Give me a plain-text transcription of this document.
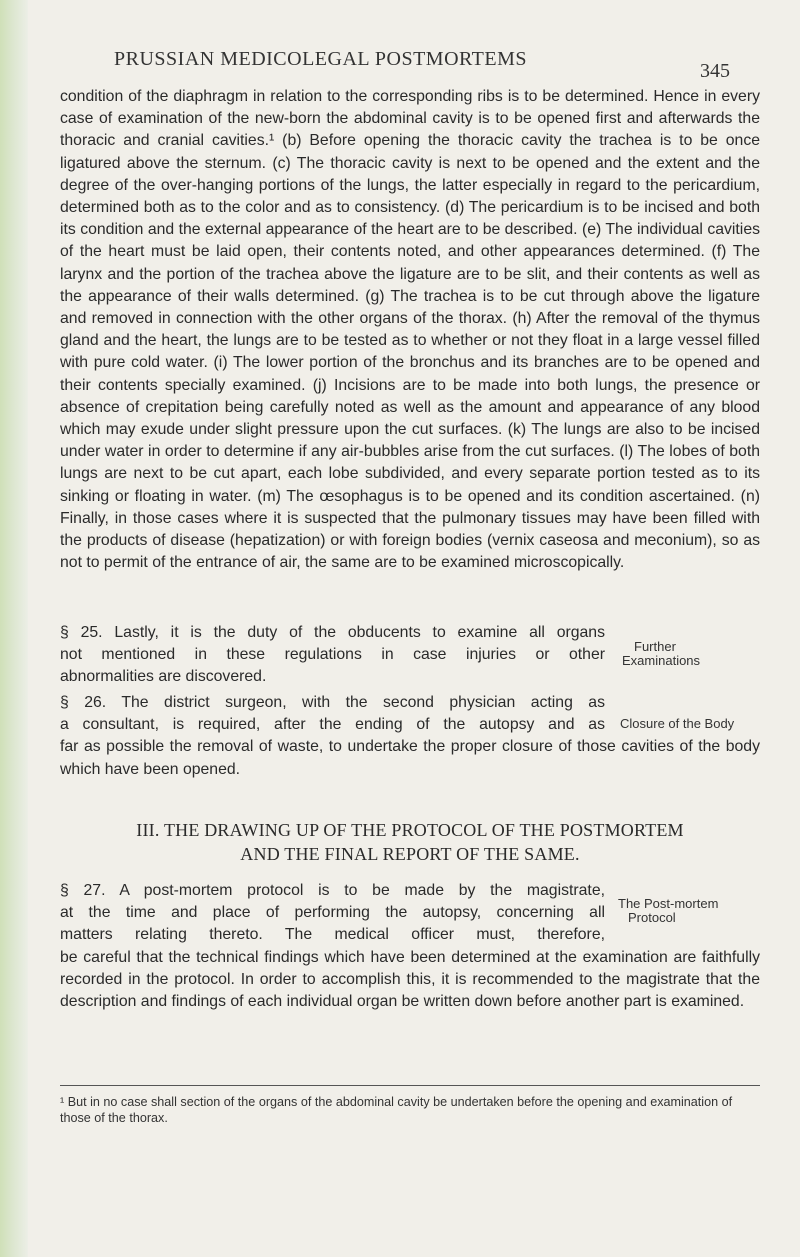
PRUSSIAN MEDICOLEGAL POSTMORTEMS
345

condition of the diaphragm in relation to the corresponding ribs is to be determined. Hence in every case of examination of the new-born the abdominal cavity is to be opened first and afterwards the thoracic and cranial cavities.¹ (b) Before opening the thoracic cavity the trachea is to be once ligatured above the sternum. (c) The thoracic cavity is next to be opened and the extent and the degree of the over-hanging portions of the lungs, the latter especially in regard to the pericardium, determined both as to the color and as to consistency. (d) The pericardium is to be incised and both its condition and the external appearance of the heart are to be described. (e) The individual cavities of the heart must be laid open, their contents noted, and other appearances determined. (f) The larynx and the portion of the trachea above the ligature are to be slit, and their contents as well as the appearance of their walls determined. (g) The trachea is to be cut through above the ligature and removed in connection with the other organs of the thorax. (h) After the removal of the thymus gland and the heart, the lungs are to be tested as to whether or not they float in a large vessel filled with pure cold water. (i) The lower portion of the bronchus and its branches are to be opened and their contents specially examined. (j) Incisions are to be made into both lungs, the presence or absence of crepitation being carefully noted as well as the amount and appearance of any blood which may exude under slight pressure upon the cut surfaces. (k) The lungs are also to be incised under water in order to determine if any air-bubbles arise from the cut surfaces. (l) The lobes of both lungs are next to be cut apart, each lobe subdivided, and every separate portion tested as to its sinking or floating in water. (m) The œsophagus is to be opened and its condition ascertained. (n) Finally, in those cases where it is suspected that the pulmonary tissues may have been filled with the products of disease (hepatization) or with foreign bodies (vernix caseosa and meconium), so as not to permit of the entrance of air, the same are to be examined microscopically.

§ 25. Lastly, it is the duty of the obducents to examine all organs
not mentioned in these regulations in case injuries or other
abnormalities are discovered.
Further
Examinations
§ 26. The district surgeon, with the second physician acting as
a consultant, is required, after the ending of the autopsy and as
far as possible the removal of waste, to undertake the proper closure of those cavities of the body which have been opened.
Closure of the Body
III. THE DRAWING UP OF THE PROTOCOL OF THE POSTMORTEM
AND THE FINAL REPORT OF THE SAME.
§ 27. A post-mortem protocol is to be made by the magistrate,
at the time and place of performing the autopsy, concerning all
matters relating thereto. The medical officer must, therefore,
be careful that the technical findings which have been determined at the examination are faithfully recorded in the protocol. In order to accomplish this, it is recommended to the magistrate that the description and findings of each individual organ be written down before another part is examined.
The Post-mortem
Protocol
¹ But in no case shall section of the organs of the abdominal cavity be undertaken before the opening and examination of those of the thorax.
